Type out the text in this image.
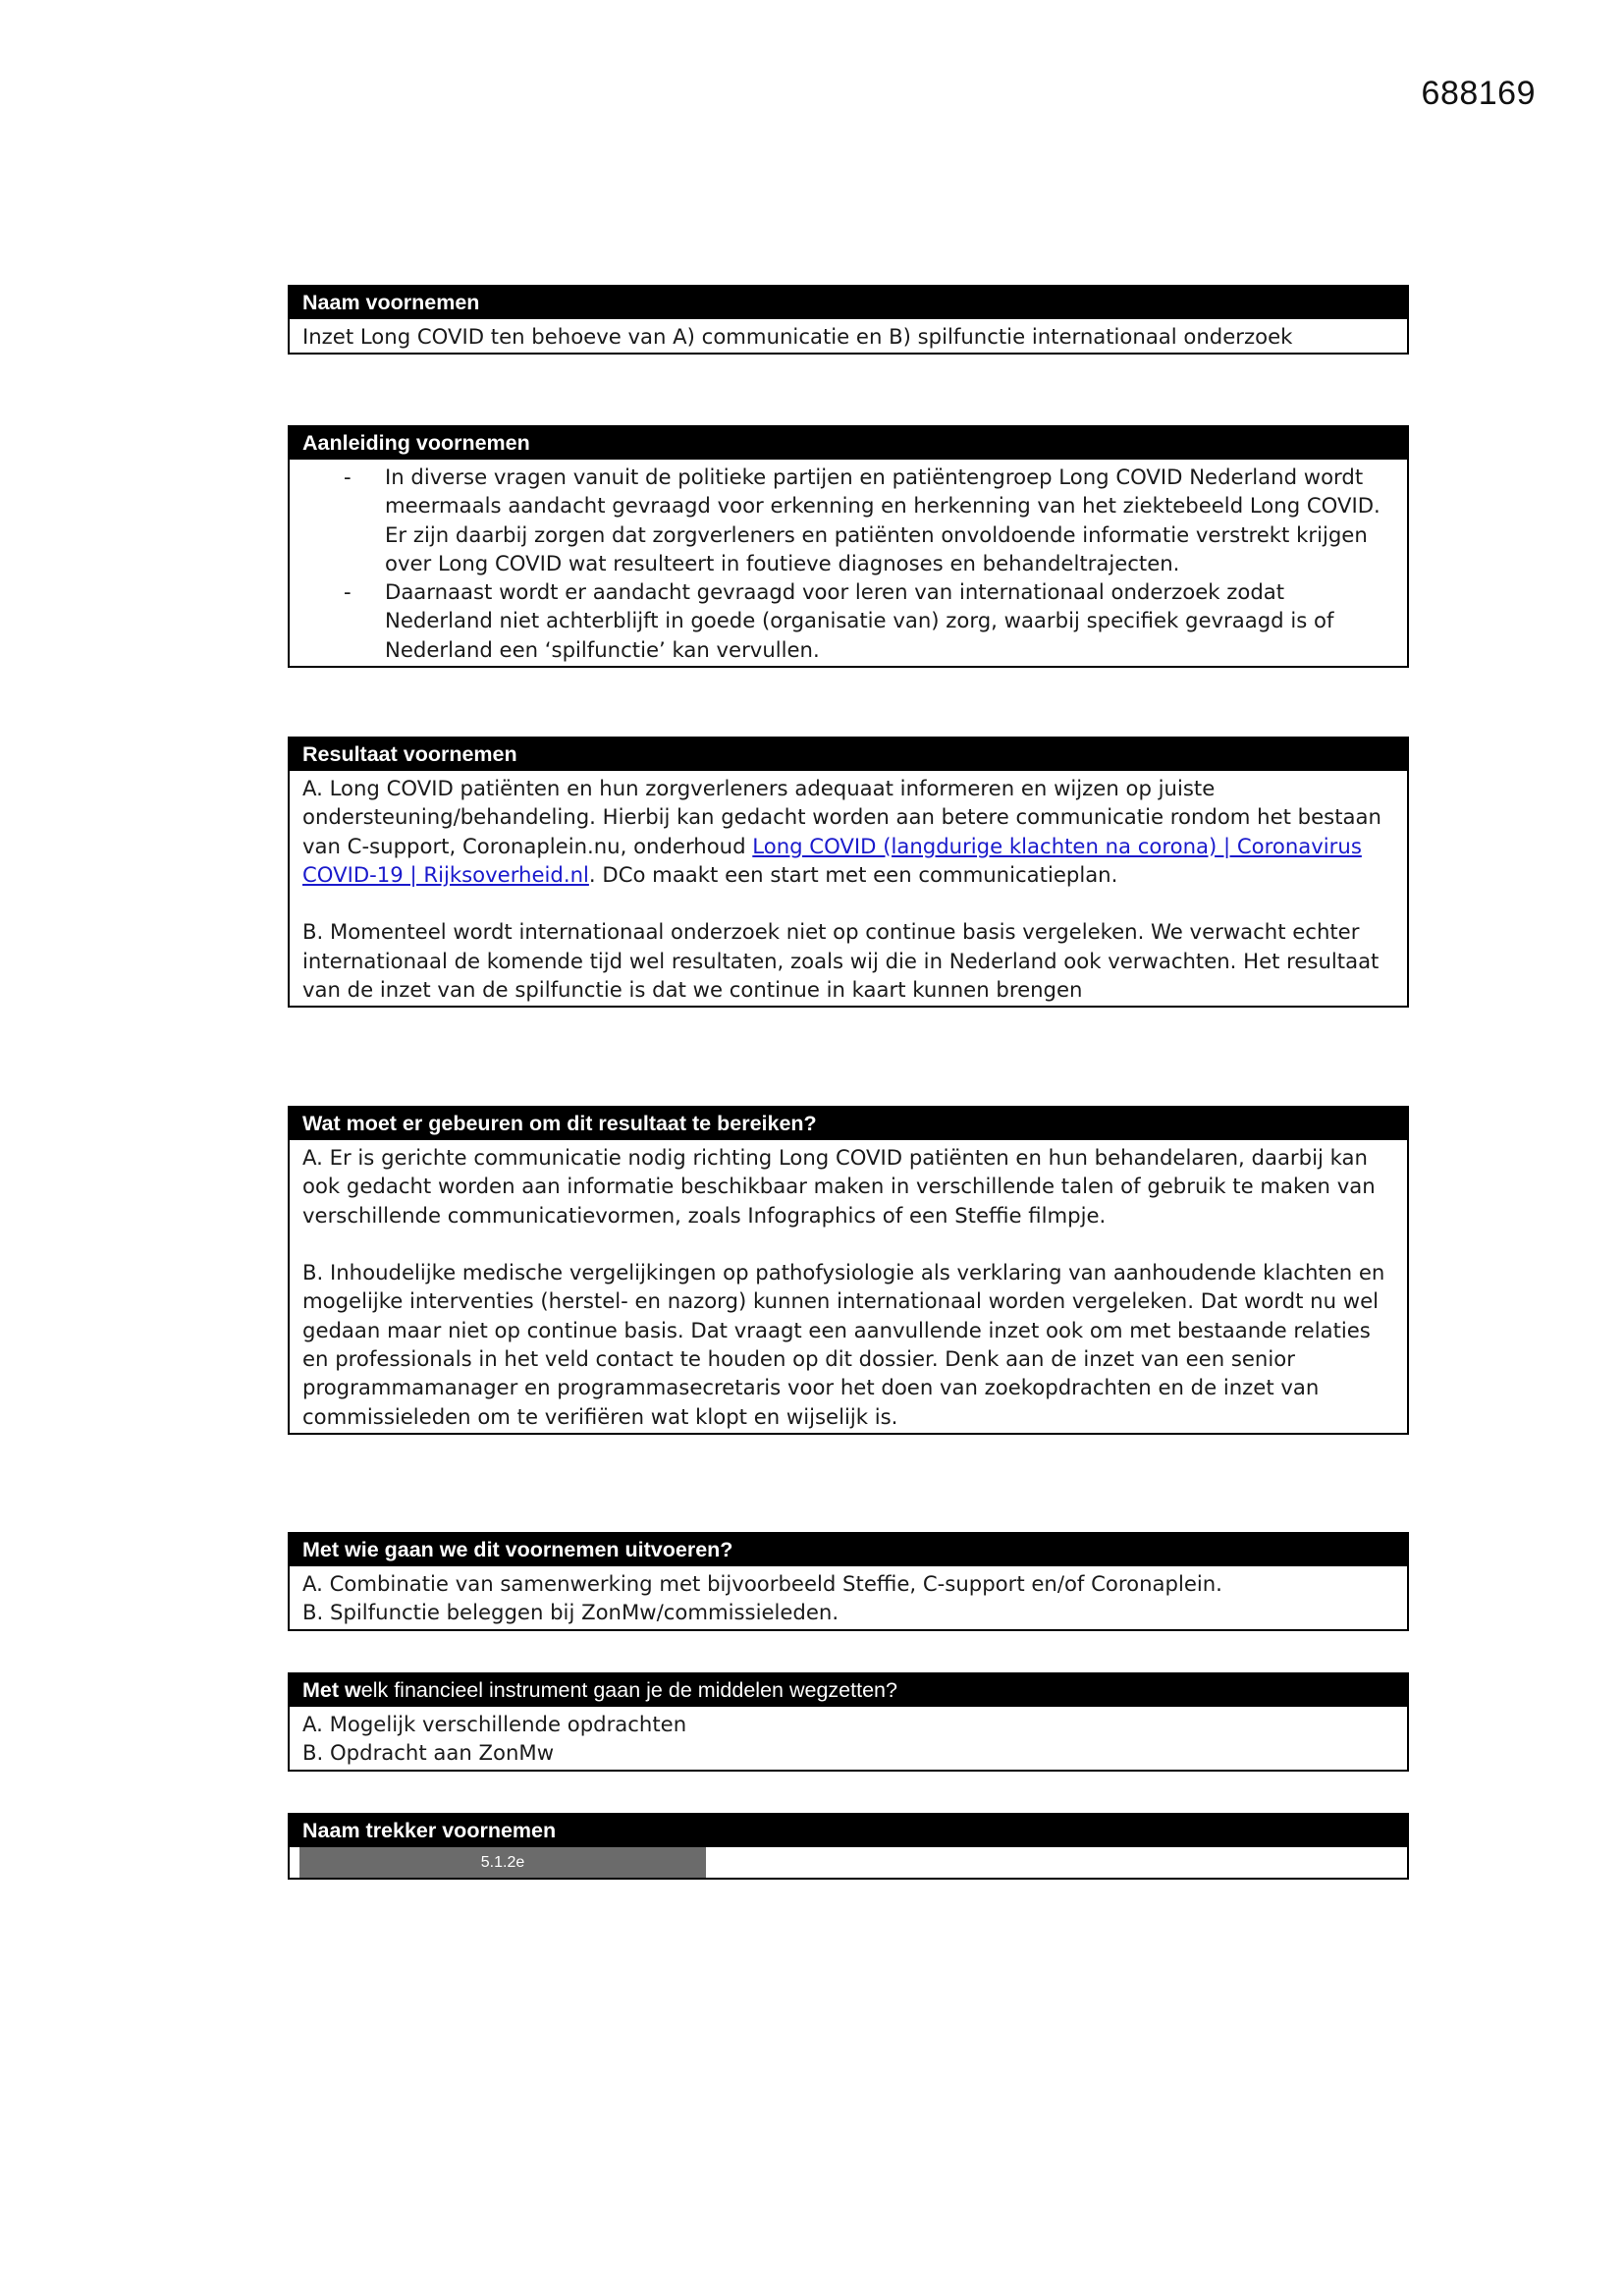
688169
Naam voornemen

Inzet Long COVID ten behoeve van A) communicatie en B) spilfunctie internationaal onderzoek

Aanleiding voornemen
- In diverse vragen vanuit de politieke partijen en patiëntengroep Long COVID Nederland wordt meermaals aandacht gevraagd voor erkenning en herkenning van het ziektebeeld Long COVID. Er zijn daarbij zorgen dat zorgverleners en patiënten onvoldoende informatie verstrekt krijgen over Long COVID wat resulteert in foutieve diagnoses en behandeltrajecten.
- Daarnaast wordt er aandacht gevraagd voor leren van internationaal onderzoek zodat Nederland niet achterblijft in goede (organisatie van) zorg, waarbij specifiek gevraagd is of Nederland een ‘spilfunctie’ kan vervullen.
Resultaat voornemen

A. Long COVID patiënten en hun zorgverleners adequaat informeren en wijzen op juiste ondersteuning/behandeling. Hierbij kan gedacht worden aan betere communicatie rondom het bestaan van C-support, Coronaplein.nu, onderhoud Long COVID (langdurige klachten na corona) | Coronavirus COVID-19 | Rijksoverheid.nl. DCo maakt een start met een communicatieplan.

B. Momenteel wordt internationaal onderzoek niet op continue basis vergeleken. We verwacht echter internationaal de komende tijd wel resultaten, zoals wij die in Nederland ook verwachten. Het resultaat van de inzet van de spilfunctie is dat we continue in kaart kunnen brengen

Wat moet er gebeuren om dit resultaat te bereiken?

A. Er is gerichte communicatie nodig richting Long COVID patiënten en hun behandelaren, daarbij kan ook gedacht worden aan informatie beschikbaar maken in verschillende talen of gebruik te maken van verschillende communicatievormen, zoals Infographics of een Steffie filmpje.

B. Inhoudelijke medische vergelijkingen op pathofysiologie als verklaring van aanhoudende klachten en mogelijke interventies (herstel- en nazorg) kunnen internationaal worden vergeleken. Dat wordt nu wel gedaan maar niet op continue basis. Dat vraagt een aanvullende inzet ook om met bestaande relaties en professionals in het veld contact te houden op dit dossier. Denk aan de inzet van een senior programmamanager en programmasecretaris voor het doen van zoekopdrachten en de inzet van commissieleden om te verifiëren wat klopt en wijselijk is.

Met wie gaan we dit voornemen uitvoeren?

A. Combinatie van samenwerking met bijvoorbeeld Steffie, C-support en/of Coronaplein.

B. Spilfunctie beleggen bij ZonMw/commissieleden.

Met welk financieel instrument gaan je de middelen wegzetten?

A. Mogelijk verschillende opdrachten

B. Opdracht aan ZonMw

Naam trekker voornemen
5.1.2e
